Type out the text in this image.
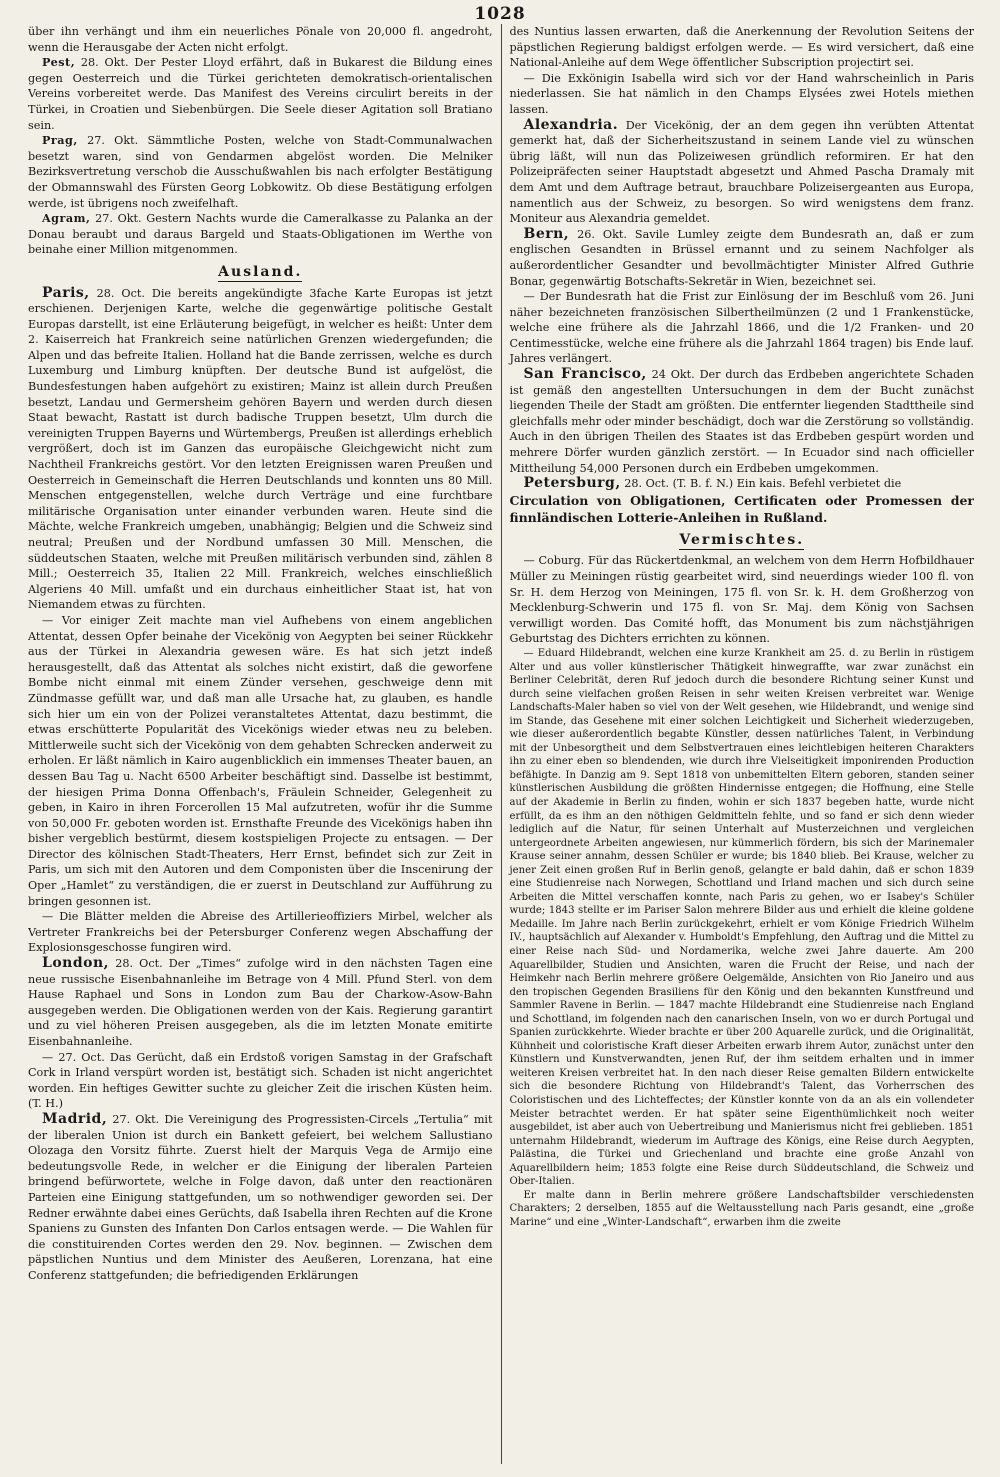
1028

über ihn verhängt und ihm ein neuerliches Pönale von 20,000 fl. angedroht, wenn die Herausgabe der Acten nicht erfolgt.

Pest, 28. Okt. Der Pester Lloyd erfährt, daß in Bukarest die Bildung eines gegen Oesterreich und die Türkei gerichteten demokratisch-orientalischen Vereins vorbereitet werde. Das Manifest des Vereins circulirt bereits in der Türkei, in Croatien und Siebenbürgen. Die Seele dieser Agitation soll Bratiano sein.

Prag, 27. Okt. Sämmtliche Posten, welche von Stadt-Communalwachen besetzt waren, sind von Gendarmen abgelöst worden. Die Melniker Bezirksvertretung verschob die Ausschußwahlen bis nach erfolgter Bestätigung der Obmannswahl des Fürsten Georg Lobkowitz. Ob diese Bestätigung erfolgen werde, ist übrigens noch zweifelhaft.

Agram, 27. Okt. Gestern Nachts wurde die Cameralkasse zu Palanka an der Donau beraubt und daraus Bargeld und Staats-Obligationen im Werthe von beinahe einer Million mitgenommen.

Ausland.

Paris, 28. Oct. Die bereits angekündigte 3fache Karte Europas ist jetzt erschienen. Derjenigen Karte, welche die gegenwärtige politische Gestalt Europas darstellt, ist eine Erläuterung beigefügt, in welcher es heißt: Unter dem 2. Kaiserreich hat Frankreich seine natürlichen Grenzen wiedergefunden; die Alpen und das befreite Italien. Holland hat die Bande zerrissen, welche es durch Luxemburg und Limburg knüpften. Der deutsche Bund ist aufgelöst, die Bundesfestungen haben aufgehört zu existiren; Mainz ist allein durch Preußen besetzt, Landau und Germersheim gehören Bayern und werden durch diesen Staat bewacht, Rastatt ist durch badische Truppen besetzt, Ulm durch die vereinigten Truppen Bayerns und Würtembergs, Preußen ist allerdings erheblich vergrößert, doch ist im Ganzen das europäische Gleichgewicht nicht zum Nachtheil Frankreichs gestört. Vor den letzten Ereignissen waren Preußen und Oesterreich in Gemeinschaft die Herren Deutschlands und konnten uns 80 Mill. Menschen entgegenstellen, welche durch Verträge und eine furchtbare militärische Organisation unter einander verbunden waren. Heute sind die Mächte, welche Frankreich umgeben, unabhängig; Belgien und die Schweiz sind neutral; Preußen und der Nordbund umfassen 30 Mill. Menschen, die süddeutschen Staaten, welche mit Preußen militärisch verbunden sind, zählen 8 Mill.; Oesterreich 35, Italien 22 Mill. Frankreich, welches einschließlich Algeriens 40 Mill. umfaßt und ein durchaus einheitlicher Staat ist, hat von Niemandem etwas zu fürchten.

— Vor einiger Zeit machte man viel Aufhebens von einem angeblichen Attentat, dessen Opfer beinahe der Vicekönig von Aegypten bei seiner Rückkehr aus der Türkei in Alexandria gewesen wäre. Es hat sich jetzt indeß herausgestellt, daß das Attentat als solches nicht existirt, daß die geworfene Bombe nicht einmal mit einem Zünder versehen, geschweige denn mit Zündmasse gefüllt war, und daß man alle Ursache hat, zu glauben, es handle sich hier um ein von der Polizei veranstaltetes Attentat, dazu bestimmt, die etwas erschütterte Popularität des Vicekönigs wieder etwas neu zu beleben. Mittlerweile sucht sich der Vicekönig von dem gehabten Schrecken anderweit zu erholen. Er läßt nämlich in Kairo augenblicklich ein immenses Theater bauen, an dessen Bau Tag u. Nacht 6500 Arbeiter beschäftigt sind. Dasselbe ist bestimmt, der hiesigen Prima Donna Offenbach's, Fräulein Schneider, Gelegenheit zu geben, in Kairo in ihren Forcerollen 15 Mal aufzutreten, wofür ihr die Summe von 50,000 Fr. geboten worden ist. Ernsthafte Freunde des Vicekönigs haben ihn bisher vergeblich bestürmt, diesem kostspieligen Projecte zu entsagen. — Der Director des kölnischen Stadt-Theaters, Herr Ernst, befindet sich zur Zeit in Paris, um sich mit den Autoren und dem Componisten über die Inscenirung der Oper „Hamlet“ zu verständigen, die er zuerst in Deutschland zur Aufführung zu bringen gesonnen ist.

— Die Blätter melden die Abreise des Artillerieoffiziers Mirbel, welcher als Vertreter Frankreichs bei der Petersburger Conferenz wegen Abschaffung der Explosionsgeschosse fungiren wird.

London, 28. Oct. Der „Times“ zufolge wird in den nächsten Tagen eine neue russische Eisenbahnanleihe im Betrage von 4 Mill. Pfund Sterl. von dem Hause Raphael und Sons in London zum Bau der Charkow-Asow-Bahn ausgegeben werden. Die Obligationen werden von der Kais. Regierung garantirt und zu viel höheren Preisen ausgegeben, als die im letzten Monate emitirte Eisenbahnanleihe.

— 27. Oct. Das Gerücht, daß ein Erdstoß vorigen Samstag in der Grafschaft Cork in Irland verspürt worden ist, bestätigt sich. Schaden ist nicht angerichtet worden. Ein heftiges Gewitter suchte zu gleicher Zeit die irischen Küsten heim. (T. H.)

Madrid, 27. Okt. Die Vereinigung des Progressisten-Circels „Tertulia“ mit der liberalen Union ist durch ein Bankett gefeiert, bei welchem Sallustiano Olozaga den Vorsitz führte. Zuerst hielt der Marquis Vega de Armijo eine bedeutungsvolle Rede, in welcher er die Einigung der liberalen Parteien bringend befürwortete, welche in Folge davon, daß unter den reactionären Parteien eine Einigung stattgefunden, um so nothwendiger geworden sei. Der Redner erwähnte dabei eines Gerüchts, daß Isabella ihren Rechten auf die Krone Spaniens zu Gunsten des Infanten Don Carlos entsagen werde. — Die Wahlen für die constituirenden Cortes werden den 29. Nov. beginnen. — Zwischen dem päpstlichen Nuntius und dem Minister des Aeußeren, Lorenzana, hat eine Conferenz stattgefunden; die befriedigenden Erklärungen

des Nuntius lassen erwarten, daß die Anerkennung der Revolution Seitens der päpstlichen Regierung baldigst erfolgen werde. — Es wird versichert, daß eine National-Anleihe auf dem Wege öffentlicher Subscription projectirt sei.

— Die Exkönigin Isabella wird sich vor der Hand wahrscheinlich in Paris niederlassen. Sie hat nämlich in den Champs Elysées zwei Hotels miethen lassen.

Alexandria. Der Vicekönig, der an dem gegen ihn verübten Attentat gemerkt hat, daß der Sicherheitszustand in seinem Lande viel zu wünschen übrig läßt, will nun das Polizeiwesen gründlich reformiren. Er hat den Polizeipräfecten seiner Hauptstadt abgesetzt und Ahmed Pascha Dramaly mit dem Amt und dem Auftrage betraut, brauchbare Polizeisergeanten aus Europa, namentlich aus der Schweiz, zu besorgen. So wird wenigstens dem franz. Moniteur aus Alexandria gemeldet.

Bern, 26. Okt. Savile Lumley zeigte dem Bundesrath an, daß er zum englischen Gesandten in Brüssel ernannt und zu seinem Nachfolger als außerordentlicher Gesandter und bevollmächtigter Minister Alfred Guthrie Bonar, gegenwärtig Botschafts-Sekretär in Wien, bezeichnet sei.

— Der Bundesrath hat die Frist zur Einlösung der im Beschluß vom 26. Juni näher bezeichneten französischen Silbertheilmünzen (2 und 1 Frankenstücke, welche eine frühere als die Jahrzahl 1866, und die 1/2 Franken- und 20 Centimesstücke, welche eine frühere als die Jahrzahl 1864 tragen) bis Ende lauf. Jahres verlängert.

San Francisco, 24 Okt. Der durch das Erdbeben angerichtete Schaden ist gemäß den angestellten Untersuchungen in dem der Bucht zunächst liegenden Theile der Stadt am größten. Die entfernter liegenden Stadttheile sind gleichfalls mehr oder minder beschädigt, doch war die Zerstörung so vollständig. Auch in den übrigen Theilen des Staates ist das Erdbeben gespürt worden und mehrere Dörfer wurden gänzlich zerstört. — In Ecuador sind nach officieller Mittheilung 54,000 Personen durch ein Erdbeben umgekommen.

Petersburg, 28. Oct. (T. B. f. N.) Ein kais. Befehl verbietet die
Circulation von Obligationen, Certificaten oder Promessen der finnländischen Lotterie-Anleihen in Rußland.

Vermischtes.

— Coburg. Für das Rückertdenkmal, an welchem von dem Herrn Hofbildhauer Müller zu Meiningen rüstig gearbeitet wird, sind neuerdings wieder 100 fl. von Sr. H. dem Herzog von Meiningen, 175 fl. von Sr. k. H. dem Großherzog von Mecklenburg-Schwerin und 175 fl. von Sr. Maj. dem König von Sachsen verwilligt worden. Das Comité hofft, das Monument bis zum nächstjährigen Geburtstag des Dichters errichten zu können.

— Eduard Hildebrandt, welchen eine kurze Krankheit am 25. d. zu Berlin in rüstigem Alter und aus voller künstlerischer Thätigkeit hinwegraffte, war zwar zunächst ein Berliner Celebrität, deren Ruf jedoch durch die besondere Richtung seiner Kunst und durch seine vielfachen großen Reisen in sehr weiten Kreisen verbreitet war. Wenige Landschafts-Maler haben so viel von der Welt gesehen, wie Hildebrandt, und wenige sind im Stande, das Gesehene mit einer solchen Leichtigkeit und Sicherheit wiederzugeben, wie dieser außerordentlich begabte Künstler, dessen natürliches Talent, in Verbindung mit der Unbesorgtheit und dem Selbstvertrauen eines leichtlebigen heiteren Charakters ihn zu einer eben so blendenden, wie durch ihre Vielseitigkeit imponirenden Production befähigte. In Danzig am 9. Sept 1818 von unbemittelten Eltern geboren, standen seiner künstlerischen Ausbildung die größten Hindernisse entgegen; die Hoffnung, eine Stelle auf der Akademie in Berlin zu finden, wohin er sich 1837 begeben hatte, wurde nicht erfüllt, da es ihm an den nöthigen Geldmitteln fehlte, und so fand er sich denn wieder lediglich auf die Natur, für seinen Unterhalt auf Musterzeichnen und vergleichen untergeordnete Arbeiten angewiesen, nur kümmerlich fördern, bis sich der Marinemaler Krause seiner annahm, dessen Schüler er wurde; bis 1840 blieb. Bei Krause, welcher zu jener Zeit einen großen Ruf in Berlin genoß, gelangte er bald dahin, daß er schon 1839 eine Studienreise nach Norwegen, Schottland und Irland machen und sich durch seine Arbeiten die Mittel verschaffen konnte, nach Paris zu gehen, wo er Isabey's Schüler wurde; 1843 stellte er im Pariser Salon mehrere Bilder aus und erhielt die kleine goldene Medaille. Im Jahre nach Berlin zurückgekehrt, erhielt er vom Könige Friedrich Wilhelm IV., hauptsächlich auf Alexander v. Humboldt's Empfehlung, den Auftrag und die Mittel zu einer Reise nach Süd- und Nordamerika, welche zwei Jahre dauerte. Am 200 Aquarellbilder, Studien und Ansichten, waren die Frucht der Reise, und nach der Heimkehr nach Berlin mehrere größere Oelgemälde, Ansichten von Rio Janeiro und aus den tropischen Gegenden Brasiliens für den König und den bekannten Kunstfreund und Sammler Ravene in Berlin. — 1847 machte Hildebrandt eine Studienreise nach England und Schottland, im folgenden nach den canarischen Inseln, von wo er durch Portugal und Spanien zurückkehrte. Wieder brachte er über 200 Aquarelle zurück, und die Originalität, Kühnheit und coloristische Kraft dieser Arbeiten erwarb ihrem Autor, zunächst unter den Künstlern und Kunstverwandten, jenen Ruf, der ihm seitdem erhalten und in immer weiteren Kreisen verbreitet hat. In den nach dieser Reise gemalten Bildern entwickelte sich die besondere Richtung von Hildebrandt's Talent, das Vorherrschen des Coloristischen und des Lichteffectes; der Künstler konnte von da an als ein vollendeter Meister betrachtet werden. Er hat später seine Eigenthümlichkeit noch weiter ausgebildet, ist aber auch von Uebertreibung und Manierismus nicht frei geblieben. 1851 unternahm Hildebrandt, wiederum im Auftrage des Königs, eine Reise durch Aegypten, Palästina, die Türkei und Griechenland und brachte eine große Anzahl von Aquarellbildern heim; 1853 folgte eine Reise durch Süddeutschland, die Schweiz und Ober-Italien.

Er malte dann in Berlin mehrere größere Landschaftsbilder verschiedensten Charakters; 2 derselben, 1855 auf die Weltausstellung nach Paris gesandt, eine „große Marine“ und eine „Winter-Landschaft“, erwarben ihm die zweite
